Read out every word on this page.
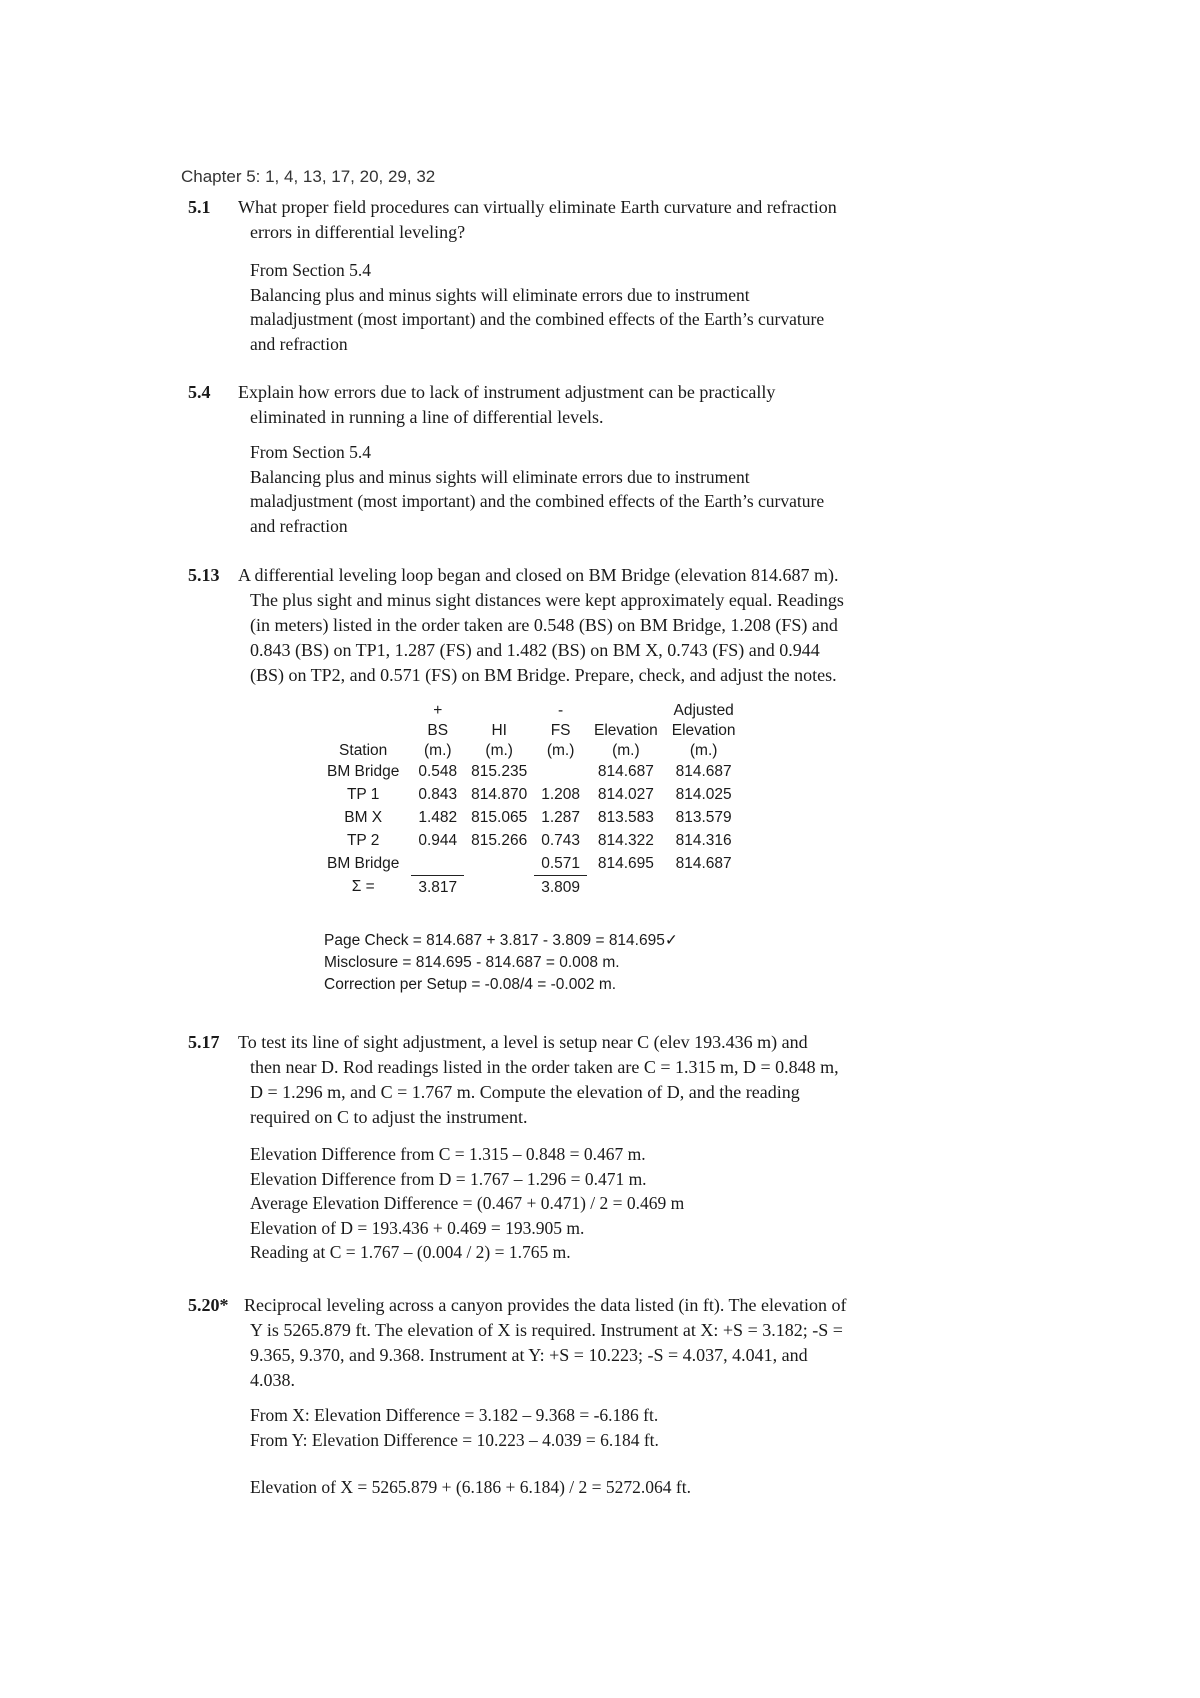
Chapter 5: 1, 4, 13, 17, 20, 29, 32
5.1	What proper field procedures can virtually eliminate Earth curvature and refraction
errors in differential leveling?
From Section 5.4
Balancing plus and minus sights will eliminate errors due to instrument
maladjustment (most important) and the combined effects of the Earth’s curvature
and refraction
5.4	Explain how errors due to lack of instrument adjustment can be practically
eliminated in running a line of differential levels.
From Section 5.4
Balancing plus and minus sights will eliminate errors due to instrument
maladjustment (most important) and the combined effects of the Earth’s curvature
and refraction
5.13	A differential leveling loop began and closed on BM Bridge (elevation 814.687 m).
The plus sight and minus sight distances were kept approximately equal. Readings
(in meters) listed in the order taken are 0.548 (BS) on BM Bridge, 1.208 (FS) and
0.843 (BS) on TP1, 1.287 (FS) and 1.482 (BS) on BM X, 0.743 (FS) and 0.944
(BS) on TP2, and 0.571 (FS) on BM Bridge. Prepare, check, and adjust the notes.
	+		-		Adjusted
	BS	HI	FS	Elevation	Elevation
Station	(m.)	(m.)	(m.)	(m.)	(m.)
BM Bridge	0.548	815.235		814.687	814.687
TP 1	0.843	814.870	1.208	814.027	814.025
BM X	1.482	815.065	1.287	813.583	813.579
TP 2	0.944	815.266	0.743	814.322	814.316
BM Bridge			0.571	814.695	814.687
Σ =	3.817		3.809		
Page Check = 814.687 + 3.817 - 3.809 = 814.695✓
Misclosure = 814.695 - 814.687 = 0.008 m.
Correction per Setup = -0.08/4 = -0.002 m.
5.17	To test its line of sight adjustment, a level is setup near C (elev 193.436 m) and
then near D. Rod readings listed in the order taken are C = 1.315 m, D = 0.848 m,
D = 1.296 m, and C = 1.767 m. Compute the elevation of D, and the reading
required on C to adjust the instrument.
Elevation Difference from C = 1.315 – 0.848 = 0.467 m.
Elevation Difference from D = 1.767 – 1.296 = 0.471 m.
Average Elevation Difference = (0.467 + 0.471) / 2 = 0.469 m
Elevation of D = 193.436 + 0.469 = 193.905 m.
Reading at C = 1.767 – (0.004 / 2) = 1.765 m.
5.20* Reciprocal leveling across a canyon provides the data listed (in ft). The elevation of
Y is 5265.879 ft. The elevation of X is required. Instrument at X: +S = 3.182; -S =
9.365, 9.370, and 9.368. Instrument at Y: +S = 10.223; -S = 4.037, 4.041, and
4.038.
From X: Elevation Difference = 3.182 – 9.368 = -6.186 ft.
From Y: Elevation Difference = 10.223 – 4.039 = 6.184 ft.
Elevation of X = 5265.879 + (6.186 + 6.184) / 2 = 5272.064 ft.
